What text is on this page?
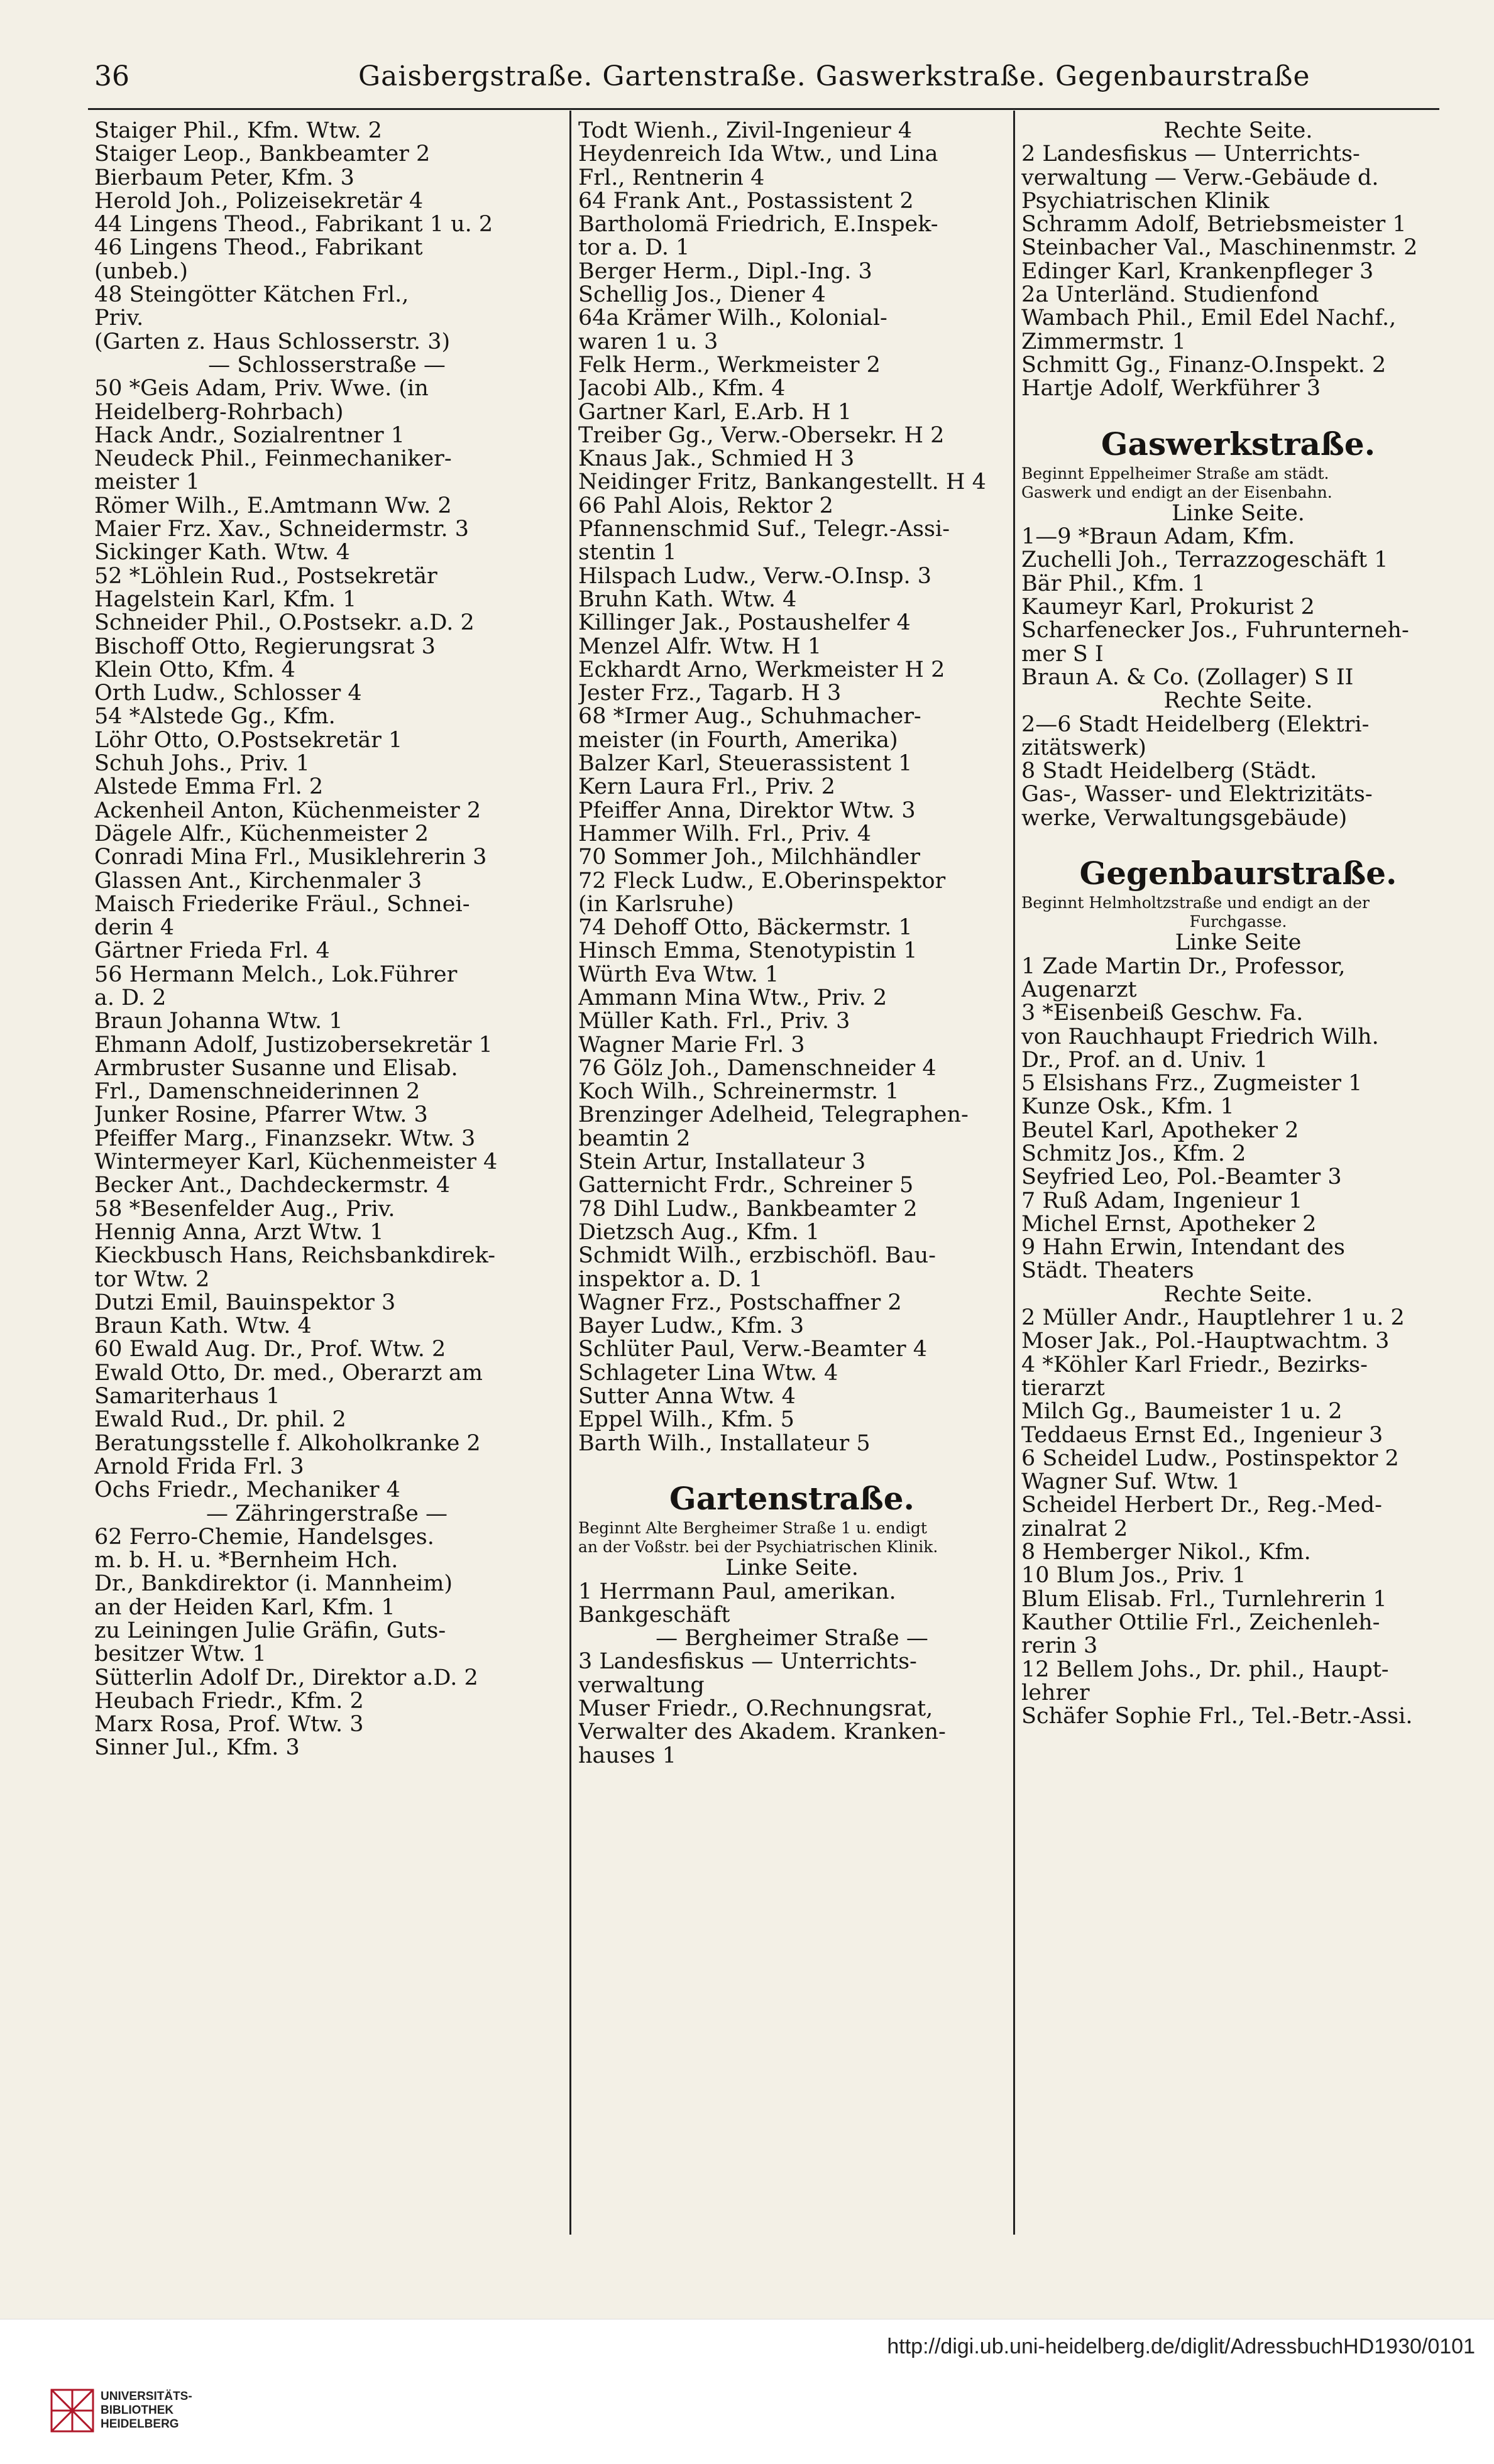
36	Gaisbergstraße. Gartenstraße. Gaswerkstraße. Gegenbaurstraße
Staiger Phil., Kfm. Wtw. 2
Staiger Leop., Bankbeamter 2
Bierbaum Peter, Kfm. 3
Herold Joh., Polizeisekretär 4
44 Lingens Theod., Fabrikant 1 u. 2
46 Lingens Theod., Fabrikant
(unbeb.)
48 Steingötter Kätchen Frl.,
Priv.
(Garten z. Haus Schlosserstr. 3)
— Schlosserstraße —
50 *Geis Adam, Priv. Wwe. (in
Heidelberg-Rohrbach)
Hack Andr., Sozialrentner 1
Neudeck Phil., Feinmechaniker-
meister 1
Römer Wilh., E.Amtmann Ww. 2
Maier Frz. Xav., Schneidermstr. 3
Sickinger Kath. Wtw. 4
52 *Löhlein Rud., Postsekretär
Hagelstein Karl, Kfm. 1
Schneider Phil., O.Postsekr. a.D. 2
Bischoff Otto, Regierungsrat 3
Klein Otto, Kfm. 4
Orth Ludw., Schlosser 4
54 *Alstede Gg., Kfm.
Löhr Otto, O.Postsekretär 1
Schuh Johs., Priv. 1
Alstede Emma Frl. 2
Ackenheil Anton, Küchenmeister 2
Dägele Alfr., Küchenmeister 2
Conradi Mina Frl., Musiklehrerin 3
Glassen Ant., Kirchenmaler 3
Maisch Friederike Fräul., Schnei-
derin 4
Gärtner Frieda Frl. 4
56 Hermann Melch., Lok.Führer
a. D. 2
Braun Johanna Wtw. 1
Ehmann Adolf, Justizobersekretär 1
Armbruster Susanne und Elisab.
Frl., Damenschneiderinnen 2
Junker Rosine, Pfarrer Wtw. 3
Pfeiffer Marg., Finanzsekr. Wtw. 3
Wintermeyer Karl, Küchenmeister 4
Becker Ant., Dachdeckermstr. 4
58 *Besenfelder Aug., Priv.
Hennig Anna, Arzt Wtw. 1
Kieckbusch Hans, Reichsbankdirek-
tor Wtw. 2
Dutzi Emil, Bauinspektor 3
Braun Kath. Wtw. 4
60 Ewald Aug. Dr., Prof. Wtw. 2
Ewald Otto, Dr. med., Oberarzt am
Samariterhaus 1
Ewald Rud., Dr. phil. 2
Beratungsstelle f. Alkoholkranke 2
Arnold Frida Frl. 3
Ochs Friedr., Mechaniker 4
— Zähringerstraße —
62 Ferro-Chemie, Handelsges.
m. b. H. u. *Bernheim Hch.
Dr., Bankdirektor (i. Mannheim)
an der Heiden Karl, Kfm. 1
zu Leiningen Julie Gräfin, Guts-
besitzer Wtw. 1
Sütterlin Adolf Dr., Direktor a.D. 2
Heubach Friedr., Kfm. 2
Marx Rosa, Prof. Wtw. 3
Sinner Jul., Kfm. 3
Todt Wienh., Zivil-Ingenieur 4
Heydenreich Ida Wtw., und Lina
Frl., Rentnerin 4
64 Frank Ant., Postassistent 2
Bartholomä Friedrich, E.Inspek-
tor a. D. 1
Berger Herm., Dipl.-Ing. 3
Schellig Jos., Diener 4
64a Krämer Wilh., Kolonial-
waren 1 u. 3
Felk Herm., Werkmeister 2
Jacobi Alb., Kfm. 4
Gartner Karl, E.Arb. H 1
Treiber Gg., Verw.-Obersekr. H 2
Knaus Jak., Schmied H 3
Neidinger Fritz, Bankangestellt. H 4
66 Pahl Alois, Rektor 2
Pfannenschmid Suf., Telegr.-Assi-
stentin 1
Hilspach Ludw., Verw.-O.Insp. 3
Bruhn Kath. Wtw. 4
Killinger Jak., Postaushelfer 4
Menzel Alfr. Wtw. H 1
Eckhardt Arno, Werkmeister H 2
Jester Frz., Tagarb. H 3
68 *Irmer Aug., Schuhmacher-
meister (in Fourth, Amerika)
Balzer Karl, Steuerassistent 1
Kern Laura Frl., Priv. 2
Pfeiffer Anna, Direktor Wtw. 3
Hammer Wilh. Frl., Priv. 4
70 Sommer Joh., Milchhändler
72 Fleck Ludw., E.Oberinspektor
(in Karlsruhe)
74 Dehoff Otto, Bäckermstr. 1
Hinsch Emma, Stenotypistin 1
Würth Eva Wtw. 1
Ammann Mina Wtw., Priv. 2
Müller Kath. Frl., Priv. 3
Wagner Marie Frl. 3
76 Gölz Joh., Damenschneider 4
Koch Wilh., Schreinermstr. 1
Brenzinger Adelheid, Telegraphen-
beamtin 2
Stein Artur, Installateur 3
Gatternicht Frdr., Schreiner 5
78 Dihl Ludw., Bankbeamter 2
Dietzsch Aug., Kfm. 1
Schmidt Wilh., erzbischöfl. Bau-
inspektor a. D. 1
Wagner Frz., Postschaffner 2
Bayer Ludw., Kfm. 3
Schlüter Paul, Verw.-Beamter 4
Schlageter Lina Wtw. 4
Sutter Anna Wtw. 4
Eppel Wilh., Kfm. 5
Barth Wilh., Installateur 5
Gartenstraße.
Beginnt Alte Bergheimer Straße 1 u. endigt
an der Voßstr. bei der Psychiatrischen Klinik.
Linke Seite.
1 Herrmann Paul, amerikan.
Bankgeschäft
— Bergheimer Straße —
3 Landesfiskus — Unterrichts-
verwaltung
Muser Friedr., O.Rechnungsrat,
Verwalter des Akadem. Kranken-
hauses 1
Rechte Seite.
2 Landesfiskus — Unterrichts-
verwaltung — Verw.-Gebäude d.
Psychiatrischen Klinik
Schramm Adolf, Betriebsmeister 1
Steinbacher Val., Maschinenmstr. 2
Edinger Karl, Krankenpfleger 3
2a Unterländ. Studienfond
Wambach Phil., Emil Edel Nachf.,
Zimmermstr. 1
Schmitt Gg., Finanz-O.Inspekt. 2
Hartje Adolf, Werkführer 3
Gaswerkstraße.
Beginnt Eppelheimer Straße am städt.
Gaswerk und endigt an der Eisenbahn.
Linke Seite.
1—9 *Braun Adam, Kfm.
Zuchelli Joh., Terrazzogeschäft 1
Bär Phil., Kfm. 1
Kaumeyr Karl, Prokurist 2
Scharfenecker Jos., Fuhrunterneh-
mer S I
Braun A. & Co. (Zollager) S II
Rechte Seite.
2—6 Stadt Heidelberg (Elektri-
zitätswerk)
8 Stadt Heidelberg (Städt.
Gas-, Wasser- und Elektrizitäts-
werke, Verwaltungsgebäude)
Gegenbaurstraße.
Beginnt Helmholtzstraße und endigt an der
Furchgasse.
Linke Seite
1 Zade Martin Dr., Professor,
Augenarzt
3 *Eisenbeiß Geschw. Fa.
von Rauchhaupt Friedrich Wilh.
Dr., Prof. an d. Univ. 1
5 Elsishans Frz., Zugmeister 1
Kunze Osk., Kfm. 1
Beutel Karl, Apotheker 2
Schmitz Jos., Kfm. 2
Seyfried Leo, Pol.-Beamter 3
7 Ruß Adam, Ingenieur 1
Michel Ernst, Apotheker 2
9 Hahn Erwin, Intendant des
Städt. Theaters
Rechte Seite.
2 Müller Andr., Hauptlehrer 1 u. 2
Moser Jak., Pol.-Hauptwachtm. 3
4 *Köhler Karl Friedr., Bezirks-
tierarzt
Milch Gg., Baumeister 1 u. 2
Teddaeus Ernst Ed., Ingenieur 3
6 Scheidel Ludw., Postinspektor 2
Wagner Suf. Wtw. 1
Scheidel Herbert Dr., Reg.-Med-
zinalrat 2
8 Hemberger Nikol., Kfm.
10 Blum Jos., Priv. 1
Blum Elisab. Frl., Turnlehrerin 1
Kauther Ottilie Frl., Zeichenleh-
rerin 3
12 Bellem Johs., Dr. phil., Haupt-
lehrer
Schäfer Sophie Frl., Tel.-Betr.-Assi.
UNIVERSITÄTS-
BIBLIOTHEK
HEIDELBERG
http://digi.ub.uni-heidelberg.de/diglit/AdressbuchHD1930/0101
